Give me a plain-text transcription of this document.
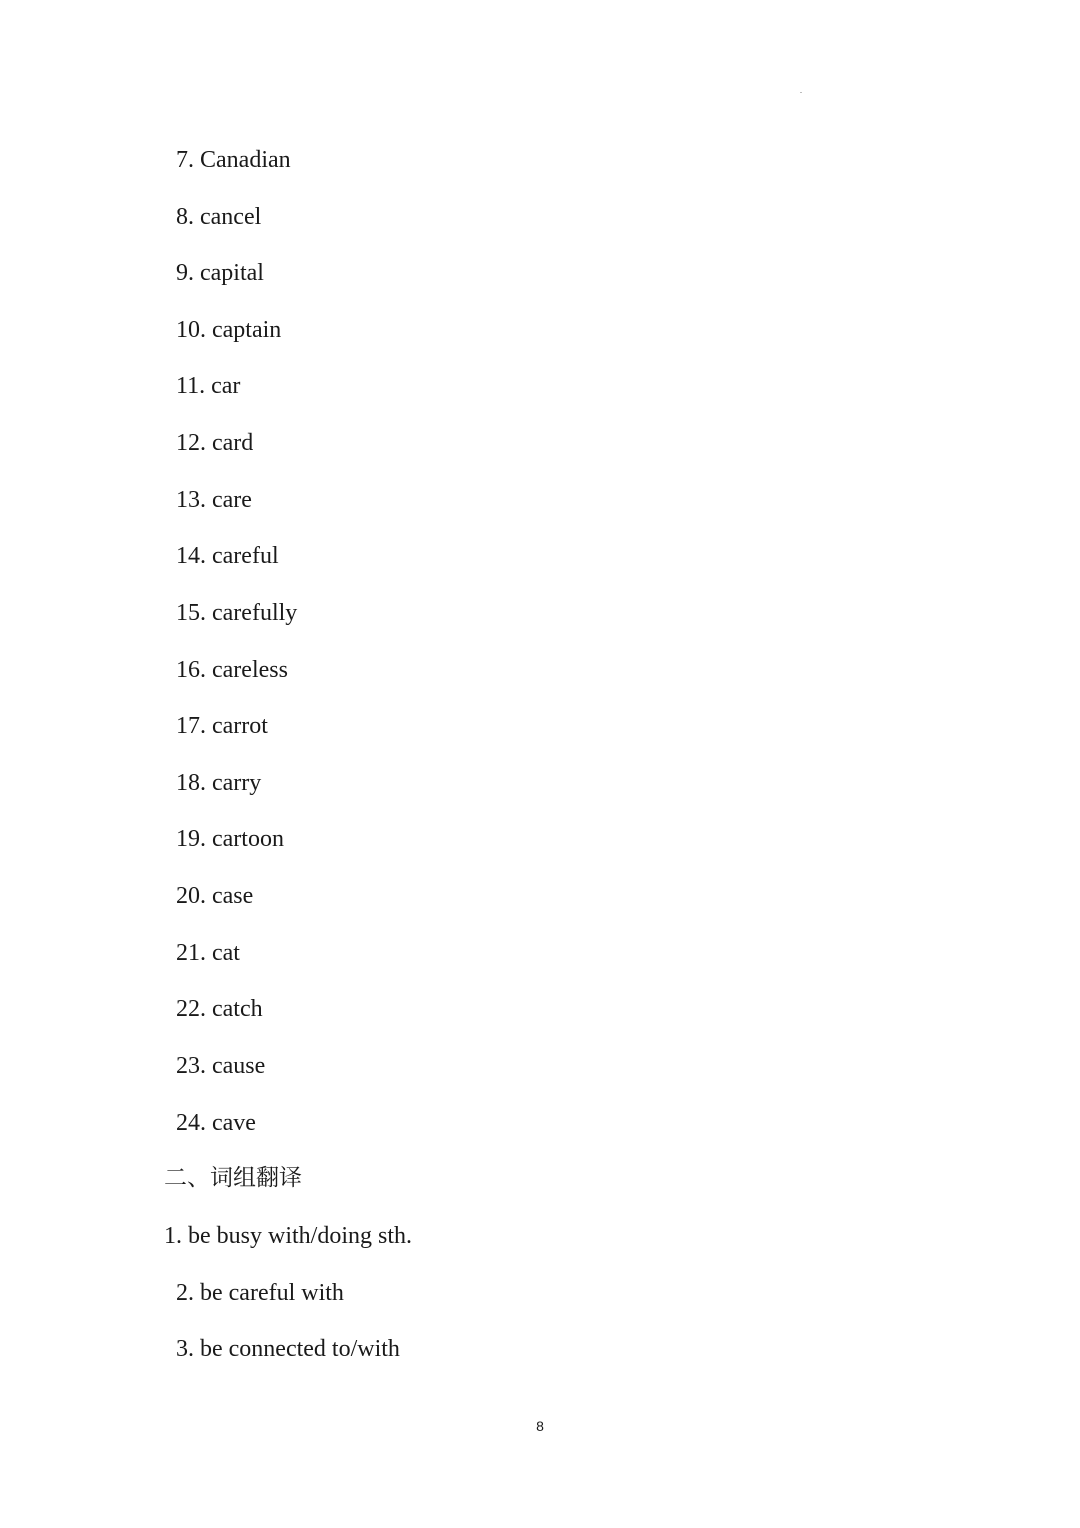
7. Canadian
8. cancel
9. capital
10. captain
11. car
12. card
13. care
14. careful
15. carefully
16. careless
17. carrot
18. carry
19. cartoon
20. case
21. cat
22. catch
23. cause
24. cave
二、词组翻译
1. be busy with/doing sth.
2. be careful with
3. be connected to/with
8
